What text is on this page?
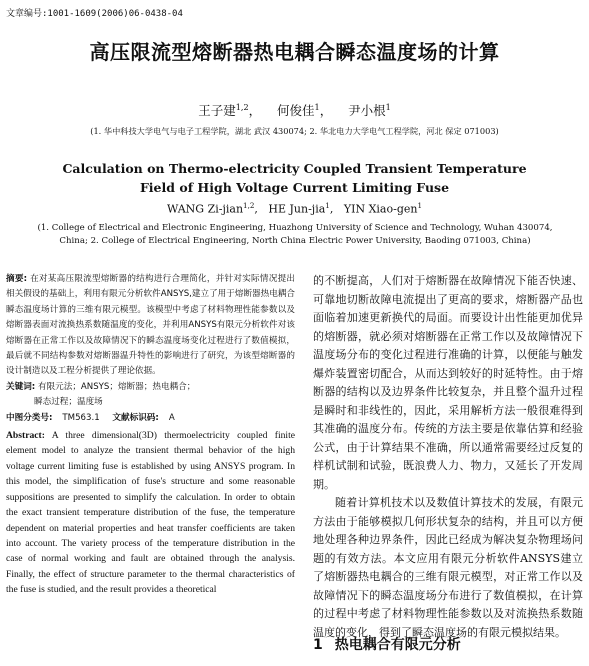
文章编号:1001-1609(2006)06-0438-04
高压限流型熔断器热电耦合瞬态温度场的计算
王子建$^{1,2}$，    何俊佳$^1$，    尹小根$^1$
(1. 华中科技大学电气与电子工程学院，湖北 武汉 430074; 2. 华北电力大学电气工程学院，河北 保定 071003)
Calculation on Thermo-electricity Coupled Transient Temperature
Field of High Voltage Current Limiting Fuse
WANG Zi-jian$^{1,2}$,   HE Jun-jia$^1$,   YIN Xiao-gen$^1$
(1. College of Electrical and Electronic Engineering, Huazhong University of Science and Technology, Wuhan 430074,
China; 2. College of Electrical Engineering, North China Electric Power University, Baoding 071003, China)

摘要: 在对某高压限流型熔断器的结构进行合理简化，并针对实际情况提出相关假设的基础上，利用有限元分析软件ANSYS,建立了用于熔断器热电耦合瞬态温度场计算的三维有限元模型。该模型中考虑了材料物理性能参数以及熔断器表面对流换热系数随温度的变化，并利用ANSYS有限元分析软件对该熔断器在正常工作以及故障情况下的瞬态温度场变化过程进行了数值模拟，最后就不同结构参数对熔断器温升特性的影响进行了研究，为该型熔断器的设计制造以及工程分析提供了理论依据。

关键词: 有限元法；ANSYS；熔断器；热电耦合；

瞬态过程；温度场

中图分类号: TM563.1 文献标识码: A

Abstract: A three dimensional(3D) thermoelectricity coupled finite element model to analyze the transient thermal behavior of the high voltage current limiting fuse is established by using ANSYS program. In this model, the simplification of fuse's structure and some reasonable suppositions are presented to simplify the calculation. In order to obtain the exact transient temperature distribution of the fuse, the temperature dependent on material properties and heat transfer coefficients are taken into account. The variety process of the temperature distribution in the case of normal working and fault are obtained through the analysis. Finally, the effect of structure parameter to the thermal characteristics of the fuse is studied, and the result provides a theoretical

的不断提高，人们对于熔断器在故障情况下能否快速、可靠地切断故障电流提出了更高的要求，熔断器产品也面临着加速更新换代的局面。而要设计出性能更加优异的熔断器，就必须对熔断器在正常工作以及故障情况下温度场分布的变化过程进行准确的计算，以便能与触发爆炸装置密切配合，从而达到较好的时延特性。由于熔断器的结构以及边界条件比较复杂，并且整个温升过程是瞬时和非线性的，因此，采用解析方法一般很难得到其准确的温度分布。传统的方法主要是依靠估算和经验公式，由于计算结果不准确，所以通常需要经过反复的样机试制和试验，既浪费人力、物力，又延长了开发周期。

随着计算机技术以及数值计算技术的发展，有限元方法由于能够模拟几何形状复杂的结构，并且可以方便地处理各种边界条件，因此已经成为解决复杂物理场问题的有效方法。本文应用有限元分析软件ANSYS建立了熔断器热电耦合的三维有限元模型，对正常工作以及故障情况下的瞬态温度场分布进行了数值模拟，在计算的过程中考虑了材料物理性能参数以及对流换热系数随温度的变化，得到了瞬态温度场的有限元模拟结果。

1 热电耦合有限元分析
